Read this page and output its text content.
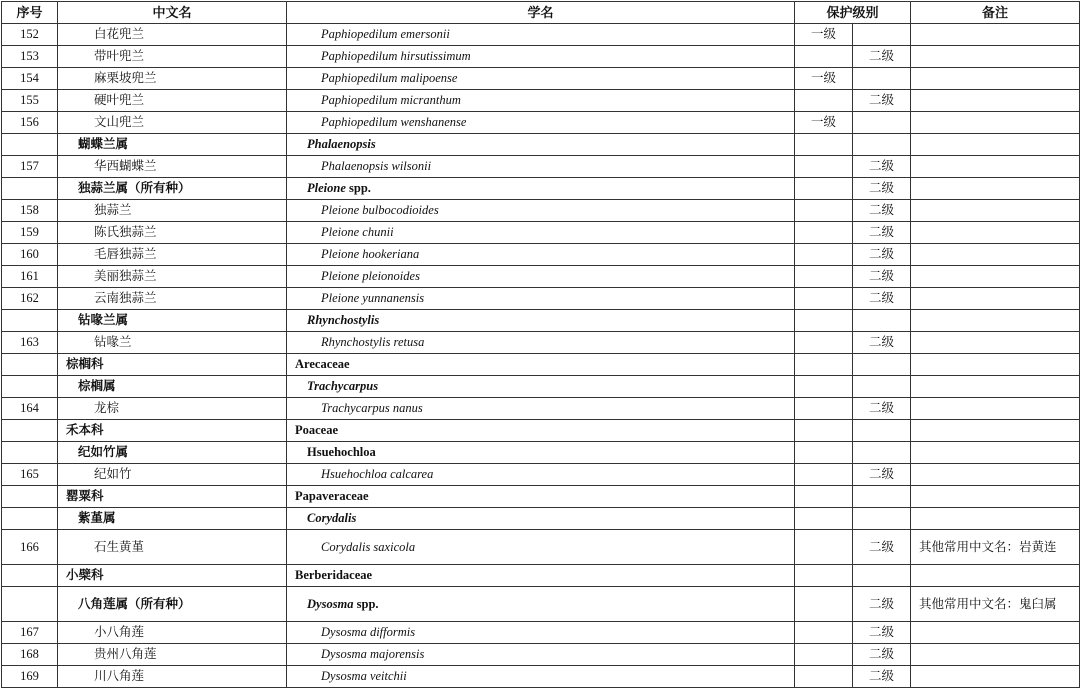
序号	中文名	学名	保护级别		备注
152	白花兜兰	Paphiopedilum emersonii	一级		
153	带叶兜兰	Paphiopedilum hirsutissimum		二级	
154	麻栗坡兜兰	Paphiopedilum malipoense	一级		
155	硬叶兜兰	Paphiopedilum micranthum		二级	
156	文山兜兰	Paphiopedilum wenshanense	一级		
	蝴蝶兰属	Phalaenopsis			
157	华西蝴蝶兰	Phalaenopsis wilsonii		二级	
	独蒜兰属（所有种）	Pleione spp.		二级	
158	独蒜兰	Pleione bulbocodioides		二级	
159	陈氏独蒜兰	Pleione chunii		二级	
160	毛唇独蒜兰	Pleione hookeriana		二级	
161	美丽独蒜兰	Pleione pleionoides		二级	
162	云南独蒜兰	Pleione yunnanensis		二级	
	钻喙兰属	Rhynchostylis			
163	钻喙兰	Rhynchostylis retusa		二级	
	棕榈科	Arecaceae			
	棕榈属	Trachycarpus			
164	龙棕	Trachycarpus nanus		二级	
	禾本科	Poaceae			
	纪如竹属	Hsuehochloa			
165	纪如竹	Hsuehochloa calcarea		二级	
	罂粟科	Papaveraceae			
	紫堇属	Corydalis			
166	石生黄堇	Corydalis saxicola		二级	其他常用中文名：岩黄连
	小檗科	Berberidaceae			
	八角莲属（所有种）	Dysosma spp.		二级	其他常用中文名：鬼臼属
167	小八角莲	Dysosma difformis		二级	
168	贵州八角莲	Dysosma majorensis		二级	
169	川八角莲	Dysosma veitchii		二级	
